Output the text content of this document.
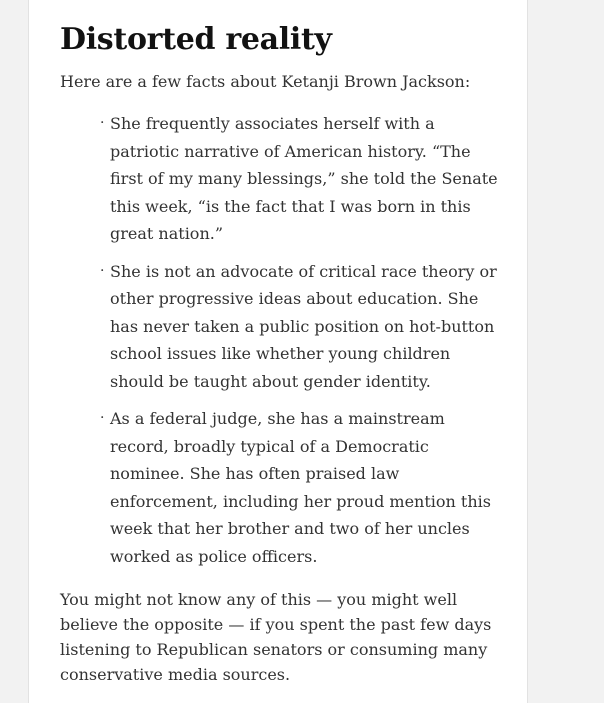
Distorted reality

Here are a few facts about Ketanji Brown Jackson:

· She frequently associates herself with a patriotic narrative of American history. “The first of my many blessings,” she told the Senate this week, “is the fact that I was born in this great nation.”
· She is not an advocate of critical race theory or other progressive ideas about education. She has never taken a public position on hot-button school issues like whether young children should be taught about gender identity.
· As a federal judge, she has a mainstream record, broadly typical of a Democratic nominee. She has often praised law enforcement, including her proud mention this week that her brother and two of her uncles worked as police officers.

You might not know any of this — you might well believe the opposite — if you spent the past few days listening to Republican senators or consuming many conservative media sources.
